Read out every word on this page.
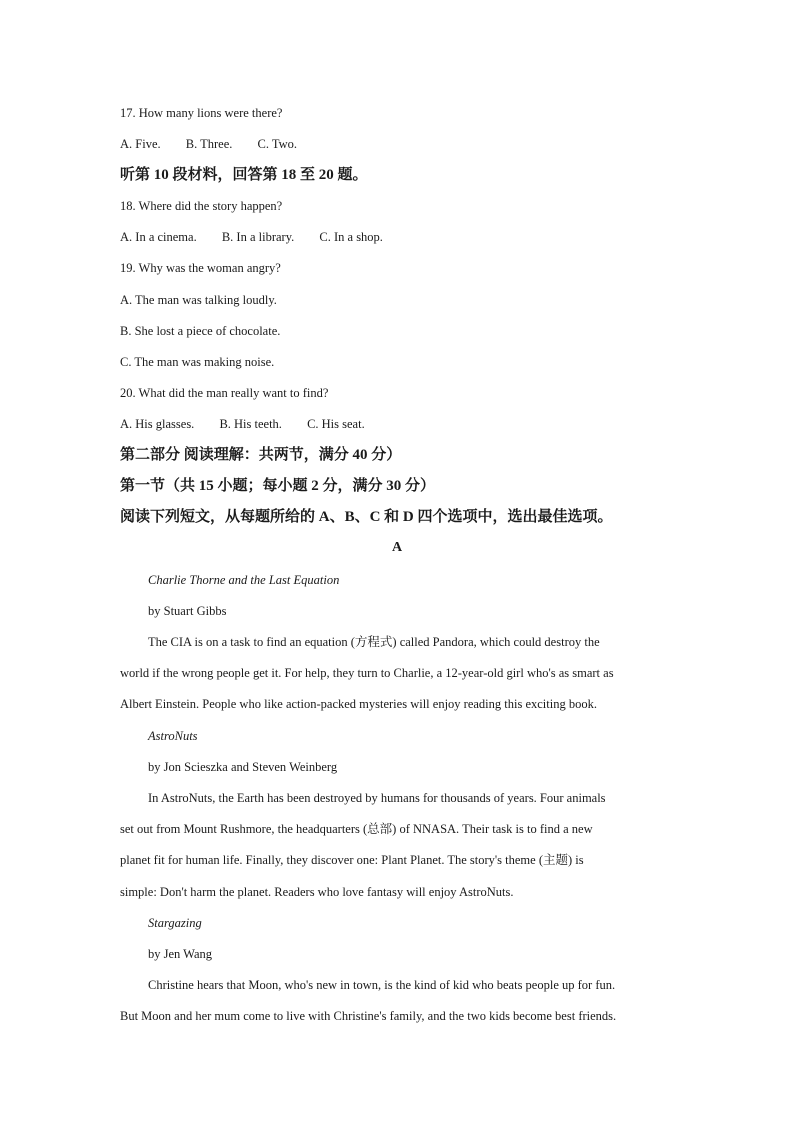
17. How many lions were there?
A. Five. B. Three. C. Two.
听第 10 段材料，回答第 18 至 20 题。
18. Where did the story happen?
A. In a cinema. B. In a library. C. In a shop.
19. Why was the woman angry?
A. The man was talking loudly.
B. She lost a piece of chocolate.
C. The man was making noise.
20. What did the man really want to find?
A. His glasses. B. His teeth. C. His seat.
第二部分 阅读理解：共两节，满分 40 分）
第一节（共 15 小题；每小题 2 分，满分 30 分）
阅读下列短文，从每题所给的 A、B、C 和 D 四个选项中，选出最佳选项。
A
Charlie Thorne and the Last Equation
by Stuart Gibbs
The CIA is on a task to find an equation (方程式) called Pandora, which could destroy the
world if the wrong people get it. For help, they turn to Charlie, a 12-year-old girl who's as smart as
Albert Einstein. People who like action-packed mysteries will enjoy reading this exciting book.
AstroNuts
by Jon Scieszka and Steven Weinberg
In AstroNuts, the Earth has been destroyed by humans for thousands of years. Four animals
set out from Mount Rushmore, the headquarters (总部) of NNASA. Their task is to find a new
planet fit for human life. Finally, they discover one: Plant Planet. The story's theme (主题) is
simple: Don't harm the planet. Readers who love fantasy will enjoy AstroNuts.
Stargazing
by Jen Wang
Christine hears that Moon, who's new in town, is the kind of kid who beats people up for fun.
But Moon and her mum come to live with Christine's family, and the two kids become best friends.
